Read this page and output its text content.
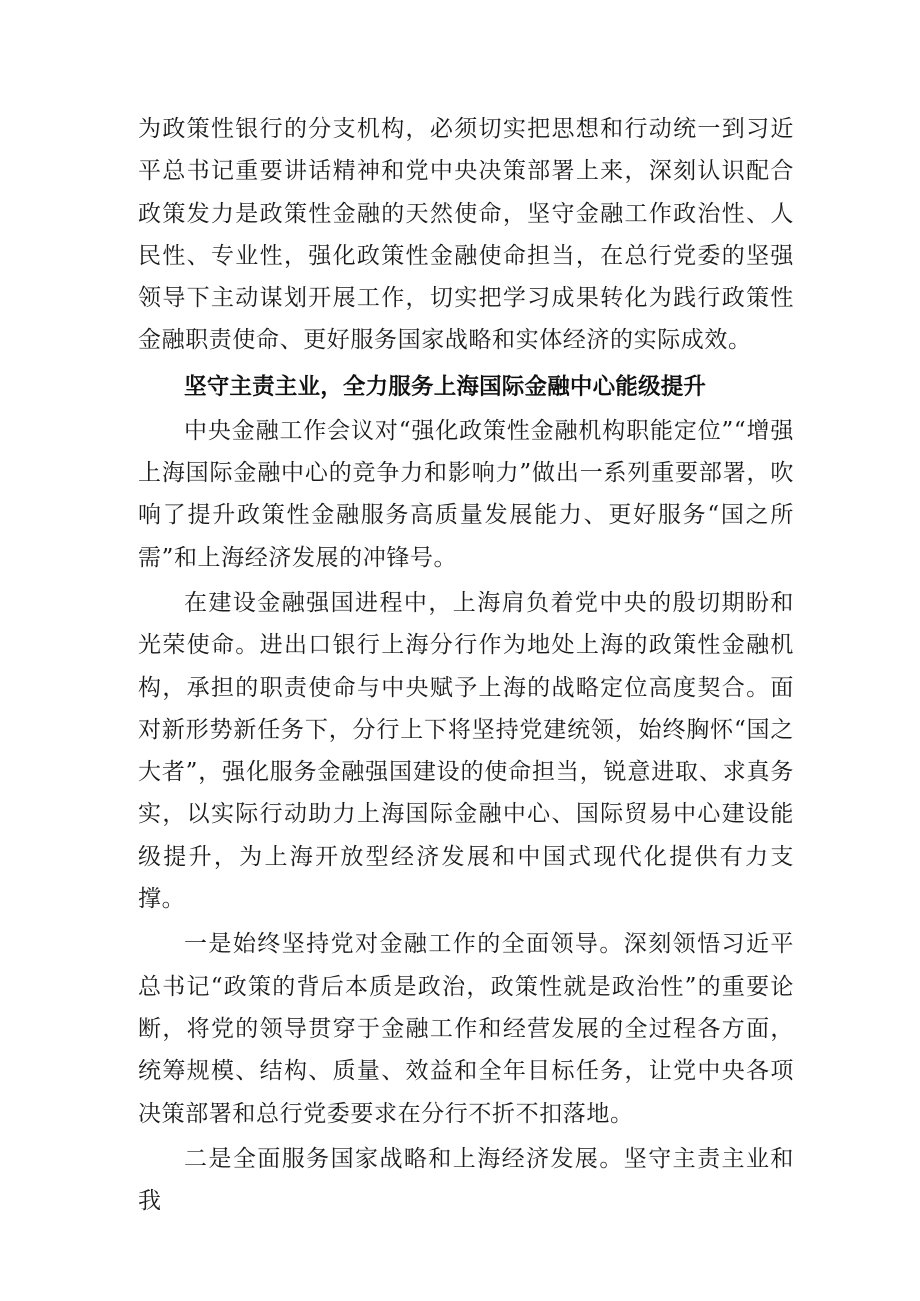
为政策性银行的分支机构，必须切实把思想和行动统一到习近平总书记重要讲话精神和党中央决策部署上来，深刻认识配合政策发力是政策性金融的天然使命，坚守金融工作政治性、人民性、专业性，强化政策性金融使命担当，在总行党委的坚强领导下主动谋划开展工作，切实把学习成果转化为践行政策性金融职责使命、更好服务国家战略和实体经济的实际成效。

坚守主责主业，全力服务上海国际金融中心能级提升

中央金融工作会议对“强化政策性金融机构职能定位”“增强上海国际金融中心的竞争力和影响力”做出一系列重要部署，吹响了提升政策性金融服务高质量发展能力、更好服务“国之所需”和上海经济发展的冲锋号。

在建设金融强国进程中，上海肩负着党中央的殷切期盼和光荣使命。进出口银行上海分行作为地处上海的政策性金融机构，承担的职责使命与中央赋予上海的战略定位高度契合。面对新形势新任务下，分行上下将坚持党建统领，始终胸怀“国之大者”，强化服务金融强国建设的使命担当，锐意进取、求真务实，以实际行动助力上海国际金融中心、国际贸易中心建设能级提升，为上海开放型经济发展和中国式现代化提供有力支撑。

一是始终坚持党对金融工作的全面领导。深刻领悟习近平总书记“政策的背后本质是政治，政策性就是政治性”的重要论断，将党的领导贯穿于金融工作和经营发展的全过程各方面，统筹规模、结构、质量、效益和全年目标任务，让党中央各项决策部署和总行党委要求在分行不折不扣落地。

二是全面服务国家战略和上海经济发展。坚守主责主业和我
